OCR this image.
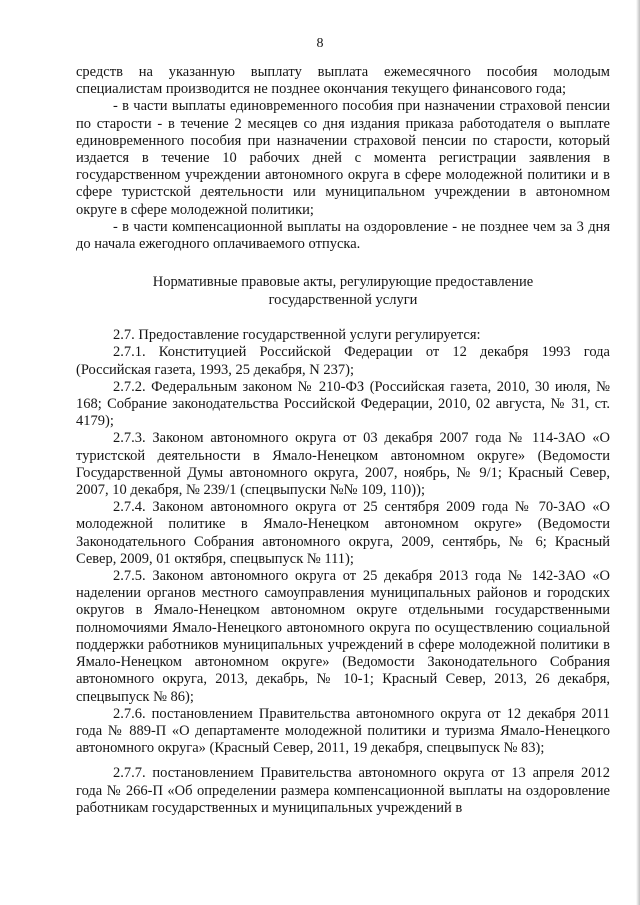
8

средств на указанную выплату выплата ежемесячного пособия молодым специалистам производится не позднее окончания текущего финансового года;

- в части выплаты единовременного пособия при назначении страховой пенсии по старости - в течение 2 месяцев со дня издания приказа работодателя о выплате единовременного пособия при назначении страховой пенсии по старости, который издается в течение 10 рабочих дней с момента регистрации заявления в государственном учреждении автономного округа в сфере молодежной политики и в сфере туристской деятельности или муниципальном учреждении в автономном округе в сфере молодежной политики;

- в части компенсационной выплаты на оздоровление - не позднее чем за 3 дня до начала ежегодного оплачиваемого отпуска.

Нормативные правовые акты, регулирующие предоставление государственной услуги

2.7. Предоставление государственной услуги регулируется:

2.7.1. Конституцией Российской Федерации от 12 декабря 1993 года (Российская газета, 1993, 25 декабря, N 237);

2.7.2. Федеральным законом № 210-ФЗ (Российская газета, 2010, 30 июля, № 168; Собрание законодательства Российской Федерации, 2010, 02 августа, № 31, ст. 4179);

2.7.3. Законом автономного округа от 03 декабря 2007 года № 114-ЗАО «О туристской деятельности в Ямало-Ненецком автономном округе» (Ведомости Государственной Думы автономного округа, 2007, ноябрь, № 9/1; Красный Север, 2007, 10 декабря, № 239/1 (спецвыпуски №№ 109, 110));

2.7.4. Законом автономного округа от 25 сентября 2009 года № 70-ЗАО «О молодежной политике в Ямало-Ненецком автономном округе» (Ведомости Законодательного Собрания автономного округа, 2009, сентябрь, № 6; Красный Север, 2009, 01 октября, спецвыпуск № 111);

2.7.5. Законом автономного округа от 25 декабря 2013 года № 142-ЗАО «О наделении органов местного самоуправления муниципальных районов и городских округов в Ямало-Ненецком автономном округе отдельными государственными полномочиями Ямало-Ненецкого автономного округа по осуществлению социальной поддержки работников муниципальных учреждений в сфере молодежной политики в Ямало-Ненецком автономном округе» (Ведомости Законодательного Собрания автономного округа, 2013, декабрь, № 10-1; Красный Север, 2013, 26 декабря, спецвыпуск № 86);

2.7.6. постановлением Правительства автономного округа от 12 декабря 2011 года № 889-П «О департаменте молодежной политики и туризма Ямало-Ненецкого автономного округа» (Красный Север, 2011, 19 декабря, спецвыпуск № 83);

2.7.7. постановлением Правительства автономного округа от 13 апреля 2012 года № 266-П «Об определении размера компенсационной выплаты на оздоровление работникам государственных и муниципальных учреждений в
